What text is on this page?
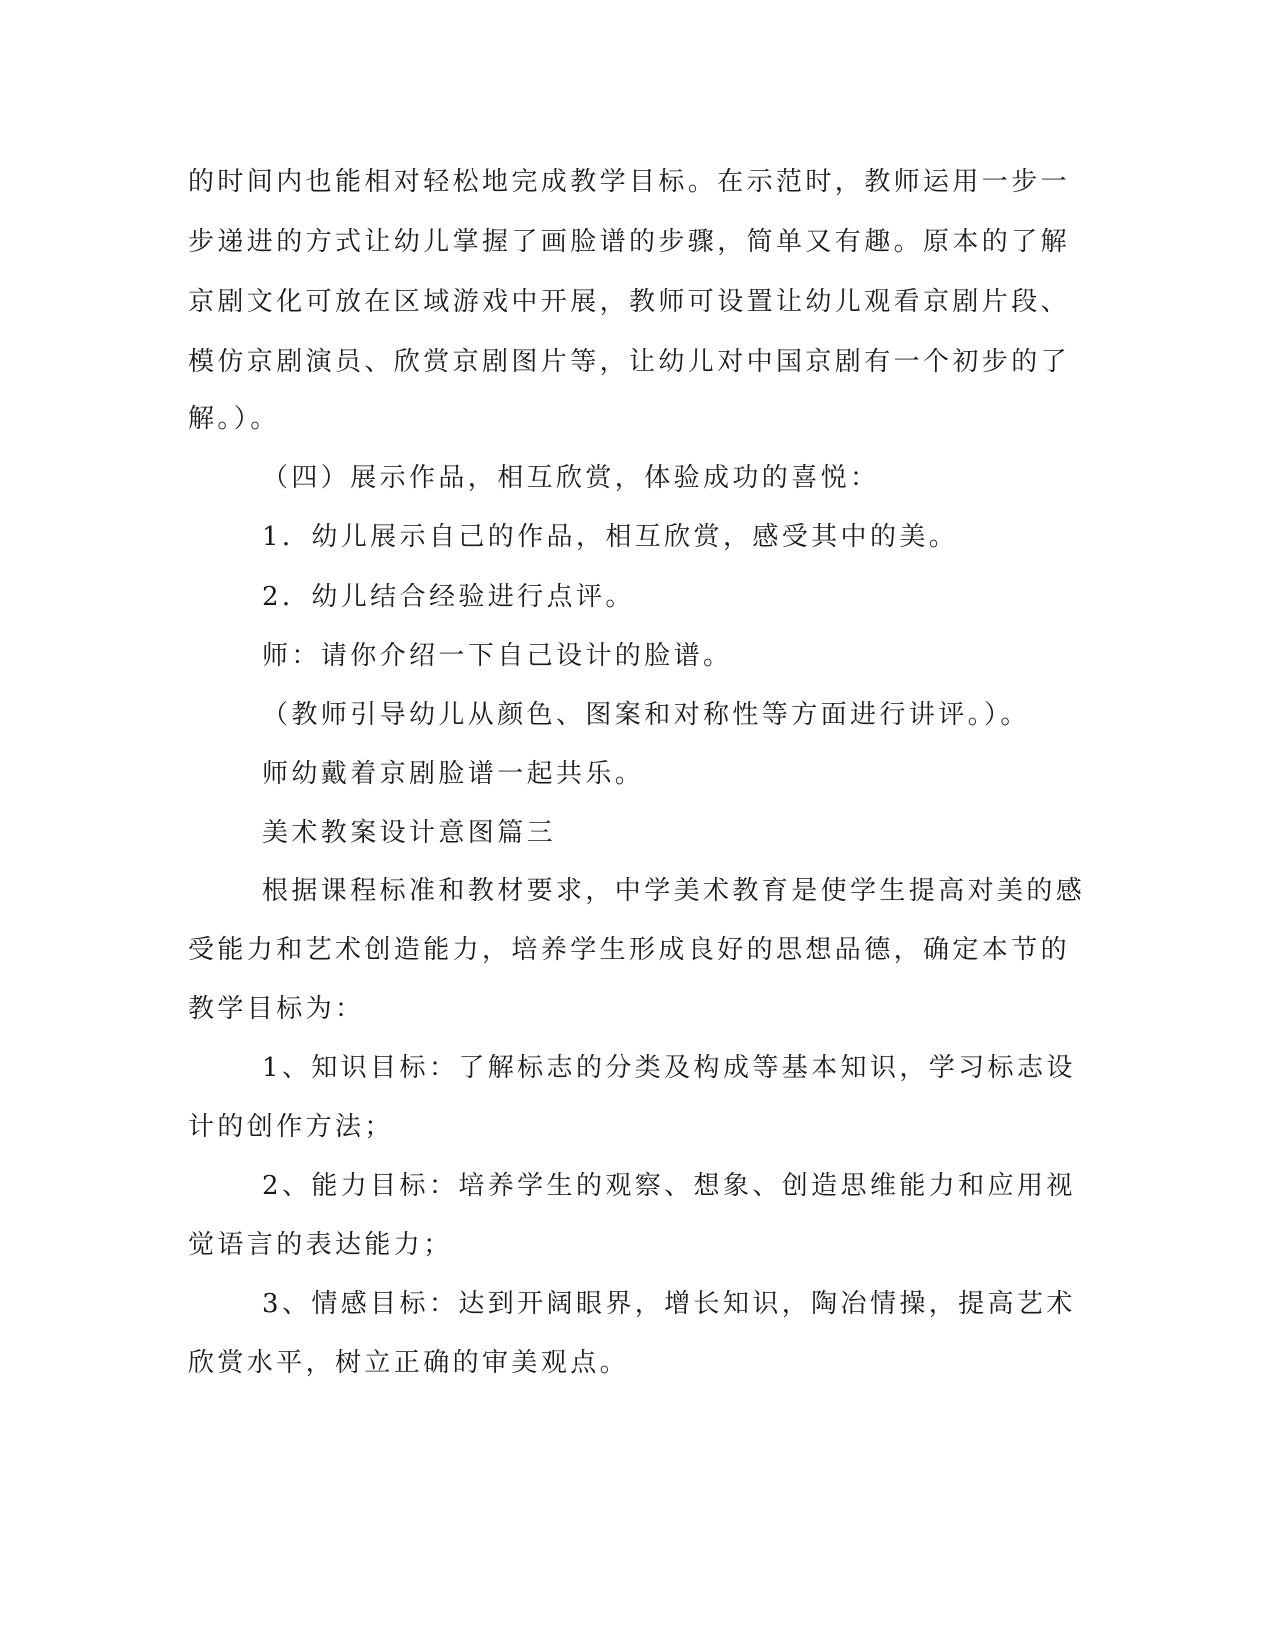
的时间内也能相对轻松地完成教学目标。在示范时，教师运用一步一
步递进的方式让幼儿掌握了画脸谱的步骤，简单又有趣。原本的了解
京剧文化可放在区域游戏中开展，教师可设置让幼儿观看京剧片段、
模仿京剧演员、欣赏京剧图片等，让幼儿对中国京剧有一个初步的了
解。）。
（四）展示作品，相互欣赏，体验成功的喜悦：
1．幼儿展示自己的作品，相互欣赏，感受其中的美。
2．幼儿结合经验进行点评。
师：请你介绍一下自己设计的脸谱。
（教师引导幼儿从颜色、图案和对称性等方面进行讲评。）。
师幼戴着京剧脸谱一起共乐。
美术教案设计意图篇三
根据课程标准和教材要求，中学美术教育是使学生提高对美的感
受能力和艺术创造能力，培养学生形成良好的思想品德，确定本节的
教学目标为：
1、知识目标：了解标志的分类及构成等基本知识，学习标志设
计的创作方法；
2、能力目标：培养学生的观察、想象、创造思维能力和应用视
觉语言的表达能力；
3、情感目标：达到开阔眼界，增长知识，陶冶情操，提高艺术
欣赏水平，树立正确的审美观点。
